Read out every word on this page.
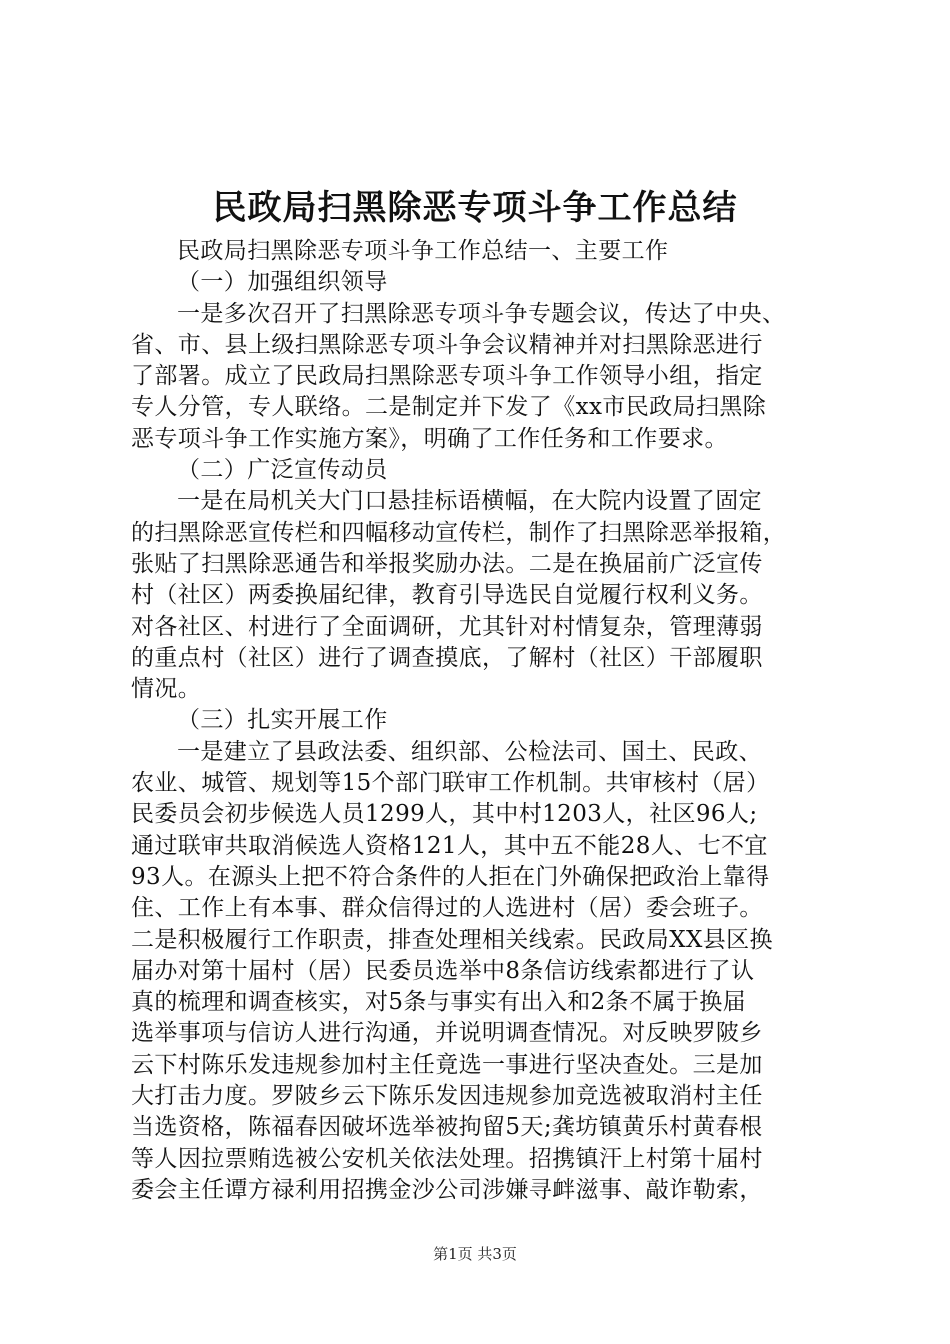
民政局扫黑除恶专项斗争工作总结
民政局扫黑除恶专项斗争工作总结一、主要工作
（一）加强组织领导
一是多次召开了扫黑除恶专项斗争专题会议，传达了中央、
省、市、县上级扫黑除恶专项斗争会议精神并对扫黑除恶进行
了部署。成立了民政局扫黑除恶专项斗争工作领导小组，指定
专人分管，专人联络。二是制定并下发了《xx市民政局扫黑除
恶专项斗争工作实施方案》，明确了工作任务和工作要求。
（二）广泛宣传动员
一是在局机关大门口悬挂标语横幅，在大院内设置了固定
的扫黑除恶宣传栏和四幅移动宣传栏，制作了扫黑除恶举报箱，
张贴了扫黑除恶通告和举报奖励办法。二是在换届前广泛宣传
村（社区）两委换届纪律，教育引导选民自觉履行权利义务。
对各社区、村进行了全面调研，尤其针对村情复杂，管理薄弱
的重点村（社区）进行了调查摸底，了解村（社区）干部履职
情况。
（三）扎实开展工作
一是建立了县政法委、组织部、公检法司、国土、民政、
农业、城管、规划等15个部门联审工作机制。共审核村（居）
民委员会初步候选人员1299人，其中村1203人，社区96人;
通过联审共取消候选人资格121人，其中五不能28人、七不宜
93人。在源头上把不符合条件的人拒在门外确保把政治上靠得
住、工作上有本事、群众信得过的人选进村（居）委会班子。
二是积极履行工作职责，排查处理相关线索。民政局XX县区换
届办对第十届村（居）民委员选举中8条信访线索都进行了认
真的梳理和调查核实，对5条与事实有出入和2条不属于换届
选举事项与信访人进行沟通，并说明调查情况。对反映罗陂乡
云下村陈乐发违规参加村主任竟选一事进行坚决查处。三是加
大打击力度。罗陂乡云下陈乐发因违规参加竞选被取消村主任
当选资格，陈福春因破坏选举被拘留5天;龚坊镇黄乐村黄春根
等人因拉票贿选被公安机关依法处理。招携镇汗上村第十届村
委会主任谭方禄利用招携金沙公司涉嫌寻衅滋事、敲诈勒索，
第1页 共3页
